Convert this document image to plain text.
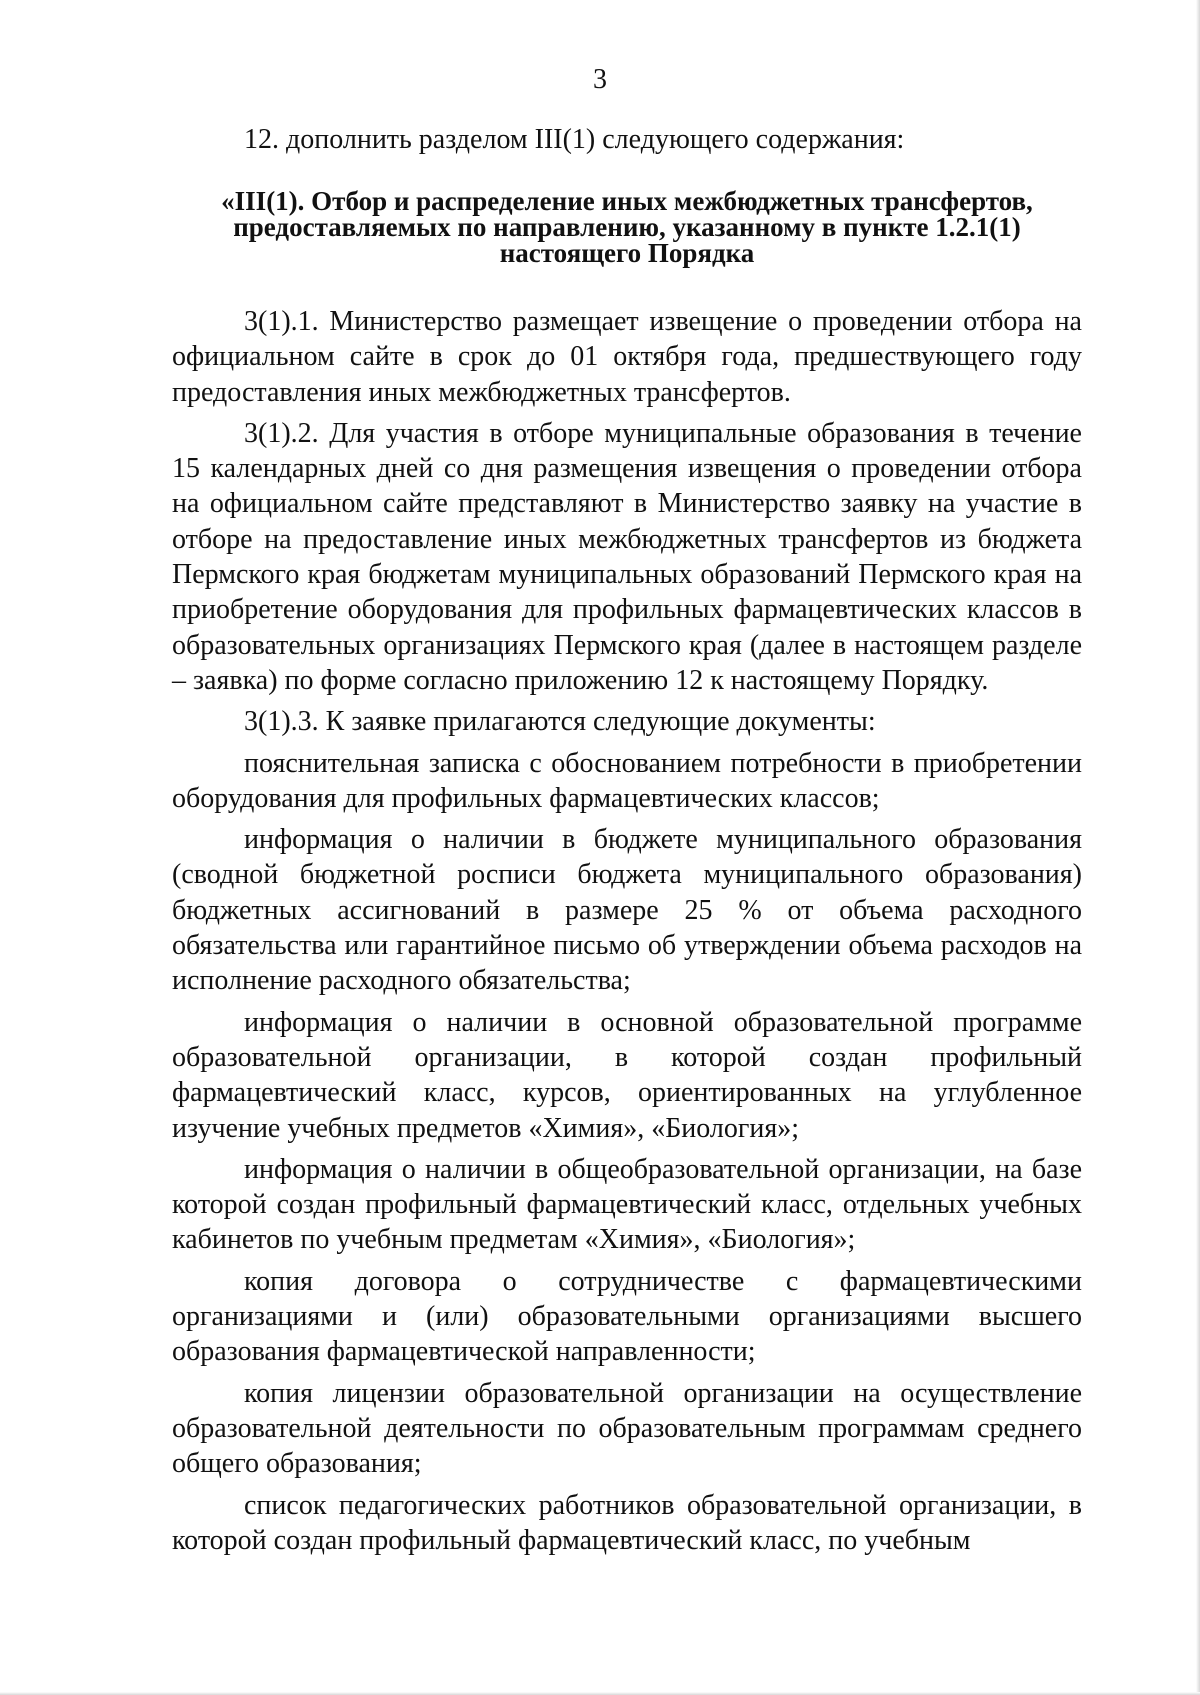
3
12. дополнить разделом III(1) следующего содержания:
«III(1). Отбор и распределение иных межбюджетных трансфертов,
предоставляемых по направлению, указанному в пункте 1.2.1(1)
настоящего Порядка

3(1).1. Министерство размещает извещение о проведении отбора на официальном сайте в срок до 01 октября года, предшествующего году предоставления иных межбюджетных трансфертов.

3(1).2. Для участия в отборе муниципальные образования в течение 15 календарных дней со дня размещения извещения о проведении отбора на официальном сайте представляют в Министерство заявку на участие в отборе на предоставление иных межбюджетных трансфертов из бюджета Пермского края бюджетам муниципальных образований Пермского края на приобретение оборудования для профильных фармацевтических классов в образовательных организациях Пермского края (далее в настоящем разделе – заявка) по форме согласно приложению 12 к настоящему Порядку.

3(1).3. К заявке прилагаются следующие документы:

пояснительная записка с обоснованием потребности в приобретении оборудования для профильных фармацевтических классов;

информация о наличии в бюджете муниципального образования (сводной бюджетной росписи бюджета муниципального образования) бюджетных ассигнований в размере 25 % от объема расходного обязательства или гарантийное письмо об утверждении объема расходов на исполнение расходного обязательства;

информация о наличии в основной образовательной программе образовательной организации, в которой создан профильный фармацевтический класс, курсов, ориентированных на углубленное изучение учебных предметов «Химия», «Биология»;

информация о наличии в общеобразовательной организации, на базе которой создан профильный фармацевтический класс, отдельных учебных кабинетов по учебным предметам «Химия», «Биология»;

копия договора о сотрудничестве с фармацевтическими организациями и (или) образовательными организациями высшего образования фармацевтической направленности;

копия лицензии образовательной организации на осуществление образовательной деятельности по образовательным программам среднего общего образования;

список педагогических работников образовательной организации, в которой создан профильный фармацевтический класс, по учебным
